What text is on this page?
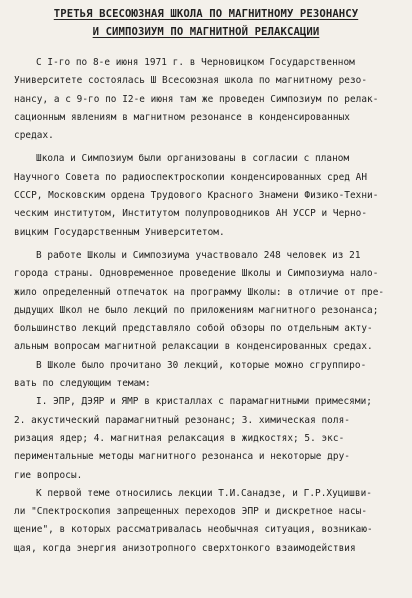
ТРЕТЬЯ ВСЕСОЮЗНАЯ ШКОЛА ПО МАГНИТНОМУ РЕЗОНАНСУ
И СИМПОЗИУМ ПО МАГНИТНОЙ РЕЛАКСАЦИИ
С I-го по 8-е июня 1971 г. в Черновицком Государственном
Университете состоялась Ш Всесоюзная школа по магнитному резо-
нансу, а с 9-го по I2-е июня там же проведен Симпозиум по релак-
сационным явлениям в магнитном резонансе в конденсированных
средах.
Школа и Симпозиум были организованы в согласии с планом
Научного Совета по радиоспектроскопии конденсированных сред АН
СССР, Московским ордена Трудового Красного Знамени Физико-Техни-
ческим институтом, Институтом полупроводников АН УССР и Черно-
вицким Государственным Университетом.
В работе Школы и Симпозиума участвовало 248 человек из 21
города страны. Одновременное проведение Школы и Симпозиума нало-
жило определенный отпечаток на программу Школы: в отличие от пре-
дыдущих Школ не было лекций по приложениям магнитного резонанса;
большинство лекций представляло собой обзоры по отдельным акту-
альным вопросам магнитной релаксации в конденсированных средах.
В Школе было прочитано 30 лекций, которые можно сгруппиро-
вать по следующим темам:
I. ЭПР, ДЭЯР и ЯМР в кристаллах с парамагнитными примесями;
2. акустический парамагнитный резонанс; 3. химическая поля-
ризация ядер; 4. магнитная релаксация в жидкостях; 5. экс-
периментальные методы магнитного резонанса и некоторые дру-
гие вопросы.
К первой теме относились лекции Т.И.Санадзе, и Г.Р.Хуцишви-
ли "Спектроскопия запрещенных переходов ЭПР и дискретное насы-
щение", в которых рассматривалась необычная ситуация, возникаю-
щая, когда энергия анизотропного сверхтонкого взаимодействия
